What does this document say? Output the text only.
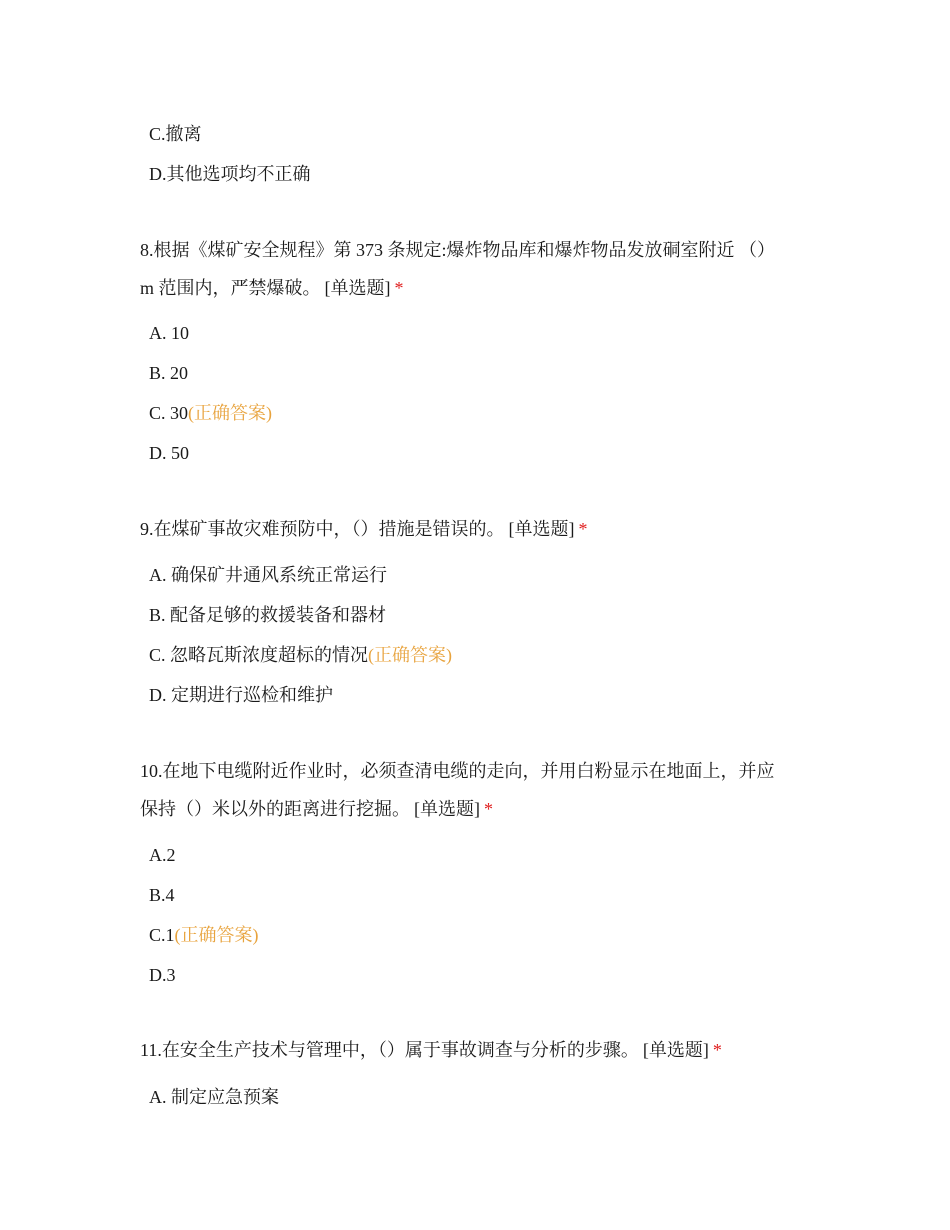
C.撤离
D.其他选项均不正确
8.根据《煤矿安全规程》第 373 条规定:爆炸物品库和爆炸物品发放硐室附近 （）
m 范围内，严禁爆破。 [单选题] *
A. 10
B. 20
C. 30(正确答案)
D. 50
9.在煤矿事故灾难预防中，（）措施是错误的。 [单选题] *
A. 确保矿井通风系统正常运行
B. 配备足够的救援装备和器材
C. 忽略瓦斯浓度超标的情况(正确答案)
D. 定期进行巡检和维护
10.在地下电缆附近作业时，必须查清电缆的走向，并用白粉显示在地面上，并应
保持（）米以外的距离进行挖掘。 [单选题] *
A.2
B.4
C.1(正确答案)
D.3
11.在安全生产技术与管理中，（）属于事故调查与分析的步骤。 [单选题] *
A. 制定应急预案
